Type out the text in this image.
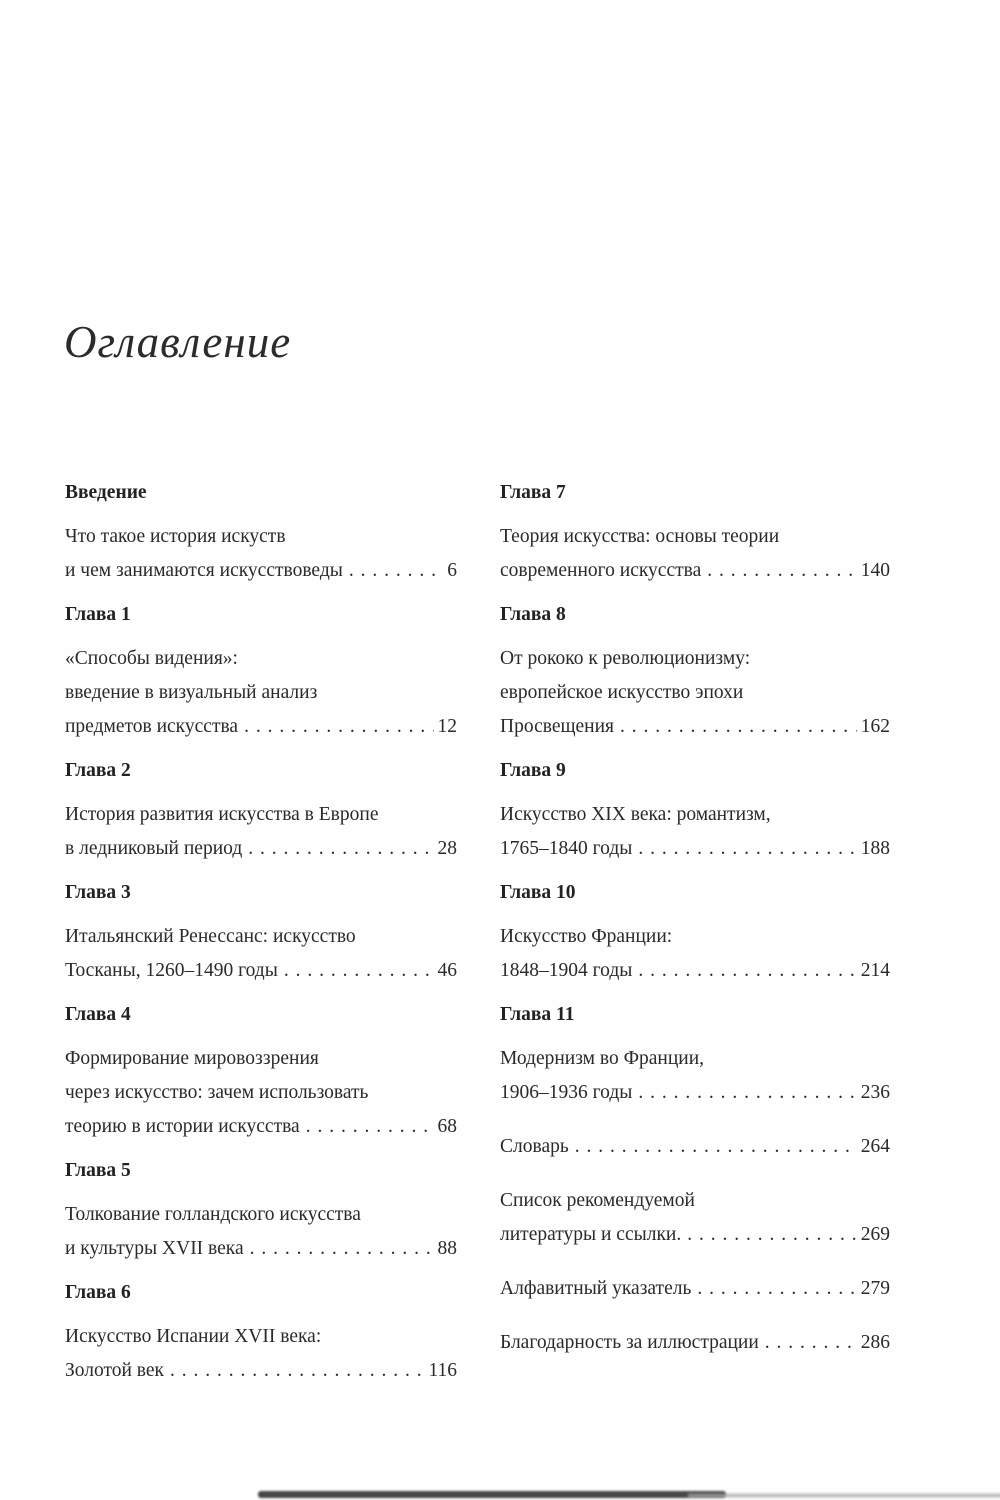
Оглавление
Введение
Что такое история искуств
и чем занимаются искусствоведы . . .	6
Глава 1
«Способы видения»:
введение в визуальный анализ
предметов искусства . . .	12
Глава 2
История развития искусства в Европе
в ледниковый период . . .	28
Глава 3
Итальянский Ренессанс: искусство
Тосканы, 1260–1490 годы . . .	46
Глава 4
Формирование мировоззрения
через искусство: зачем использовать
теорию в истории искусства . . .	68
Глава 5
Толкование голландского искусства
и культуры XVII века . . .	88
Глава 6
Искусство Испании XVII века:
Золотой век . . .	116
Глава 7
Теория искусства: основы теории
современного искусства . . .	140
Глава 8
От рококо к революционизму:
европейское искусство эпохи
Просвещения . . .	162
Глава 9
Искусство XIX века: романтизм,
1765–1840 годы . . .	188
Глава 10
Искусство Франции:
1848–1904 годы . . .	214
Глава 11
Модернизм во Франции,
1906–1936 годы . . .	236
Словарь . . .	264
Список рекомендуемой
литературы и ссылки. . . .	269
Алфавитный указатель . . .	279
Благодарность за иллюстрации . . .	286
